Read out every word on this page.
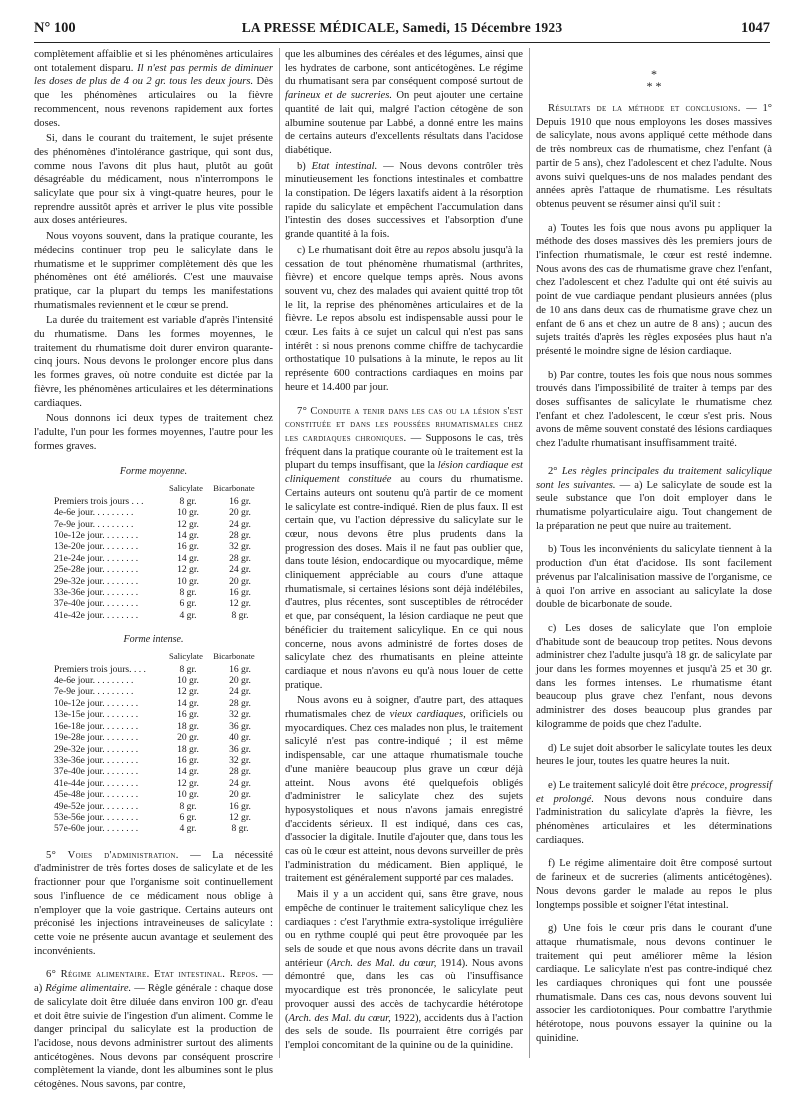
N° 100	LA PRESSE MÉDICALE, Samedi, 15 Décembre 1923	1047

complètement affaiblie et si les phénomènes articulaires ont totalement disparu. Il n'est pas permis de diminuer les doses de plus de 4 ou 2 gr. tous les deux jours. Dès que les phénomènes articulaires ou la fièvre recommencent, nous revenons rapidement aux fortes doses.

Si, dans le courant du traitement, le sujet présente des phénomènes d'intolérance gastrique, qui sont dus, comme nous l'avons dit plus haut, plutôt au goût désagréable du médicament, nous n'interrompons le salicylate que pour six à vingt-quatre heures, pour le reprendre aussitôt après et arriver le plus vite possible aux doses antérieures.

Nous voyons souvent, dans la pratique courante, les médecins continuer trop peu le salicylate dans le rhumatisme et le supprimer complètement dès que les phénomènes ont été améliorés. C'est une mauvaise pratique, car la plupart du temps les manifestations rhumatismales reviennent et le cœur se prend.

La durée du traitement est variable d'après l'intensité du rhumatisme. Dans les formes moyennes, le traitement du rhumatisme doit durer environ quarante-cinq jours. Nous devons le prolonger encore plus dans les formes graves, où notre conduite est dictée par la fièvre, les phénomènes articulaires et les déterminations cardiaques.

Nous donnons ici deux types de traitement chez l'adulte, l'un pour les formes moyennes, l'autre pour les formes graves.

Forme moyenne.
Salicylate Bicarbonate
Premiers trois jours . . .	8 gr.	16 gr.
4e-6e jour. . . . . . . . .	10 gr.	20 gr.
7e-9e jour. . . . . . . . .	12 gr.	24 gr.
10e-12e jour. . . . . . . .	14 gr.	28 gr.
13e-20e jour. . . . . . . .	16 gr.	32 gr.
21e-24e jour. . . . . . . .	14 gr.	28 gr.
25e-28e jour. . . . . . . .	12 gr.	24 gr.
29e-32e jour. . . . . . . .	10 gr.	20 gr.
33e-36e jour. . . . . . . .	8 gr.	16 gr.
37e-40e jour. . . . . . . .	6 gr.	12 gr.
41e-42e jour. . . . . . . .	4 gr.	8 gr.
Forme intense.
Salicylate Bicarbonate
Premiers trois jours. . . .	8 gr.	16 gr.
4e-6e jour. . . . . . . . .	10 gr.	20 gr.
7e-9e jour. . . . . . . . .	12 gr.	24 gr.
10e-12e jour. . . . . . . .	14 gr.	28 gr.
13e-15e jour. . . . . . . .	16 gr.	32 gr.
16e-18e jour. . . . . . . .	18 gr.	36 gr.
19e-28e jour. . . . . . . .	20 gr.	40 gr.
29e-32e jour. . . . . . . .	18 gr.	36 gr.
33e-36e jour. . . . . . . .	16 gr.	32 gr.
37e-40e jour. . . . . . . .	14 gr.	28 gr.
41e-44e jour. . . . . . . .	12 gr.	24 gr.
45e-48e jour. . . . . . . .	10 gr.	20 gr.
49e-52e jour. . . . . . . .	8 gr.	16 gr.
53e-56e jour. . . . . . . .	6 gr.	12 gr.
57e-60e jour. . . . . . . .	4 gr.	8 gr.

5° Voies d'administration. — La nécessité d'administrer de très fortes doses de salicylate et de les fractionner pour que l'organisme soit continuellement sous l'influence de ce médicament nous oblige à n'employer que la voie gastrique. Certains auteurs ont préconisé les injections intraveineuses de salicylate : cette voie ne présente aucun avantage et seulement des inconvénients.

6° Régime alimentaire. Etat intestinal. Repos. — a) Régime alimentaire. — Règle générale : chaque dose de salicylate doit être diluée dans environ 100 gr. d'eau et doit être suivie de l'ingestion d'un aliment. Comme le danger principal du salicylate est la production de l'acidose, nous devons administrer surtout des aliments anticétogènes. Nous devons par conséquent proscrire complètement la viande, dont les albumines sont le plus cétogènes. Nous savons, par contre,

que les albumines des céréales et des légumes, ainsi que les hydrates de carbone, sont anticétogènes. Le régime du rhumatisant sera par conséquent composé surtout de farineux et de sucreries. On peut ajouter une certaine quantité de lait qui, malgré l'action cétogène de son albumine soutenue par Labbé, a donné entre les mains de certains auteurs d'excellents résultats dans l'acidose diabétique.

b) Etat intestinal. — Nous devons contrôler très minutieusement les fonctions intestinales et combattre la constipation. De légers laxatifs aident à la résorption rapide du salicylate et empêchent l'accumulation dans l'intestin des doses successives et l'absorption d'une grande quantité à la fois.

c) Le rhumatisant doit être au repos absolu jusqu'à la cessation de tout phénomène rhumatismal (arthrites, fièvre) et encore quelque temps après. Nous avons souvent vu, chez des malades qui avaient quitté trop tôt le lit, la reprise des phénomènes articulaires et de la fièvre. Le repos absolu est indispensable aussi pour le cœur. Les faits à ce sujet un calcul qui n'est pas sans intérêt : si nous prenons comme chiffre de tachycardie orthostatique 10 pulsations à la minute, le repos au lit représente 600 contractions cardiaques en moins par heure et 14.400 par jour.

7° Conduite a tenir dans les cas ou la lésion s'est constituée et dans les poussées rhumatismales chez les cardiaques chroniques. — Supposons le cas, très fréquent dans la pratique courante où le traitement est la plupart du temps insuffisant, que la lésion cardiaque est cliniquement constituée au cours du rhumatisme. Certains auteurs ont soutenu qu'à partir de ce moment le salicylate est contre-indiqué. Rien de plus faux. Il est certain que, vu l'action dépressive du salicylate sur le cœur, nous devons être plus prudents dans la progression des doses. Mais il ne faut pas oublier que, dans toute lésion, endocardique ou myocardique, même cliniquement appréciable au cours d'une attaque rhumatismale, si certaines lésions sont déjà indélébiles, d'autres, plus récentes, sont susceptibles de rétrocéder et que, par conséquent, la lésion cardiaque ne peut que bénéficier du traitement salicylique. En ce qui nous concerne, nous avons administré de fortes doses de salicylate chez des rhumatisants en pleine atteinte cardiaque et nous n'avons eu qu'à nous louer de cette pratique.

Nous avons eu à soigner, d'autre part, des attaques rhumatismales chez de vieux cardiaques, orificiels ou myocardiques. Chez ces malades non plus, le traitement salicylé n'est pas contre-indiqué ; il est même indispensable, car une attaque rhumatismale touche d'une manière beaucoup plus grave un cœur déjà atteint. Nous avons été quelquefois obligés d'administrer le salicylate chez des sujets hyposystoliques et nous n'avons jamais enregistré d'accidents sérieux. Il est indiqué, dans ces cas, d'associer la digitale. Inutile d'ajouter que, dans tous les cas où le cœur est atteint, nous devons surveiller de près l'administration du médicament. Bien appliqué, le traitement est généralement supporté par ces malades.

Mais il y a un accident qui, sans être grave, nous empêche de continuer le traitement salicylique chez les cardiaques : c'est l'arythmie extra-systolique irrégulière ou en rythme couplé qui peut être provoquée par les sels de soude et que nous avons décrite dans un travail antérieur (Arch. des Mal. du cœur, 1914). Nous avons démontré que, dans les cas où l'insuffisance myocardique est très prononcée, le salicylate peut provoquer aussi des accès de tachycardie hétérotope (Arch. des Mal. du cœur, 1922), accidents dus à l'action des sels de soude. Ils pourraient être corrigés par l'emploi concomitant de la quinine ou de la quinidine.

*
* *

Résultats de la méthode et conclusions. — 1° Depuis 1910 que nous employons les doses massives de salicylate, nous avons appliqué cette méthode dans de très nombreux cas de rhumatisme, chez l'enfant (à partir de 5 ans), chez l'adolescent et chez l'adulte. Nous avons suivi quelques-uns de nos malades pendant des années après l'attaque de rhumatisme. Les résultats obtenus peuvent se résumer ainsi qu'il suit :

a) Toutes les fois que nous avons pu appliquer la méthode des doses massives dès les premiers jours de l'infection rhumatismale, le cœur est resté indemne. Nous avons des cas de rhumatisme grave chez l'enfant, chez l'adolescent et chez l'adulte qui ont été suivis au point de vue cardiaque pendant plusieurs années (plus de 10 ans dans deux cas de rhumatisme grave chez un enfant de 6 ans et chez un autre de 8 ans) ; aucun des sujets traités d'après les règles exposées plus haut n'a présenté le moindre signe de lésion cardiaque.

b) Par contre, toutes les fois que nous nous sommes trouvés dans l'impossibilité de traiter à temps par des doses suffisantes de salicylate le rhumatisme chez l'enfant et chez l'adolescent, le cœur s'est pris. Nous avons de même souvent constaté des lésions cardiaques chez l'adulte rhumatisant insuffisamment traité.

2° Les règles principales du traitement salicylique sont les suivantes. — a) Le salicylate de soude est la seule substance que l'on doit employer dans le rhumatisme polyarticulaire aigu. Tout changement de la préparation ne peut que nuire au traitement.

b) Tous les inconvénients du salicylate tiennent à la production d'un état d'acidose. Ils sont facilement prévenus par l'alcalinisation massive de l'organisme, ce à quoi l'on arrive en associant au salicylate la dose double de bicarbonate de soude.

c) Les doses de salicylate que l'on emploie d'habitude sont de beaucoup trop petites. Nous devons administrer chez l'adulte jusqu'à 18 gr. de salicylate par jour dans les formes moyennes et jusqu'à 25 et 30 gr. dans les formes intenses. Le rhumatisme étant beaucoup plus grave chez l'enfant, nous devons administrer des doses beaucoup plus grandes par kilogramme de poids que chez l'adulte.

d) Le sujet doit absorber le salicylate toutes les deux heures le jour, toutes les quatre heures la nuit.

e) Le traitement salicylé doit être précoce, progressif et prolongé. Nous devons nous conduire dans l'administration du salicylate d'après la fièvre, les phénomènes articulaires et les déterminations cardiaques.

f) Le régime alimentaire doit être composé surtout de farineux et de sucreries (aliments anticétogènes). Nous devons garder le malade au repos le plus longtemps possible et soigner l'état intestinal.

g) Une fois le cœur pris dans le courant d'une attaque rhumatismale, nous devons continuer le traitement qui peut améliorer même la lésion cardiaque. Le salicylate n'est pas contre-indiqué chez les cardiaques chroniques qui font une poussée rhumatismale. Dans ces cas, nous devons souvent lui associer les cardiotoniques. Pour combattre l'arythmie hétérotope, nous pouvons essayer la quinine ou la quinidine.
